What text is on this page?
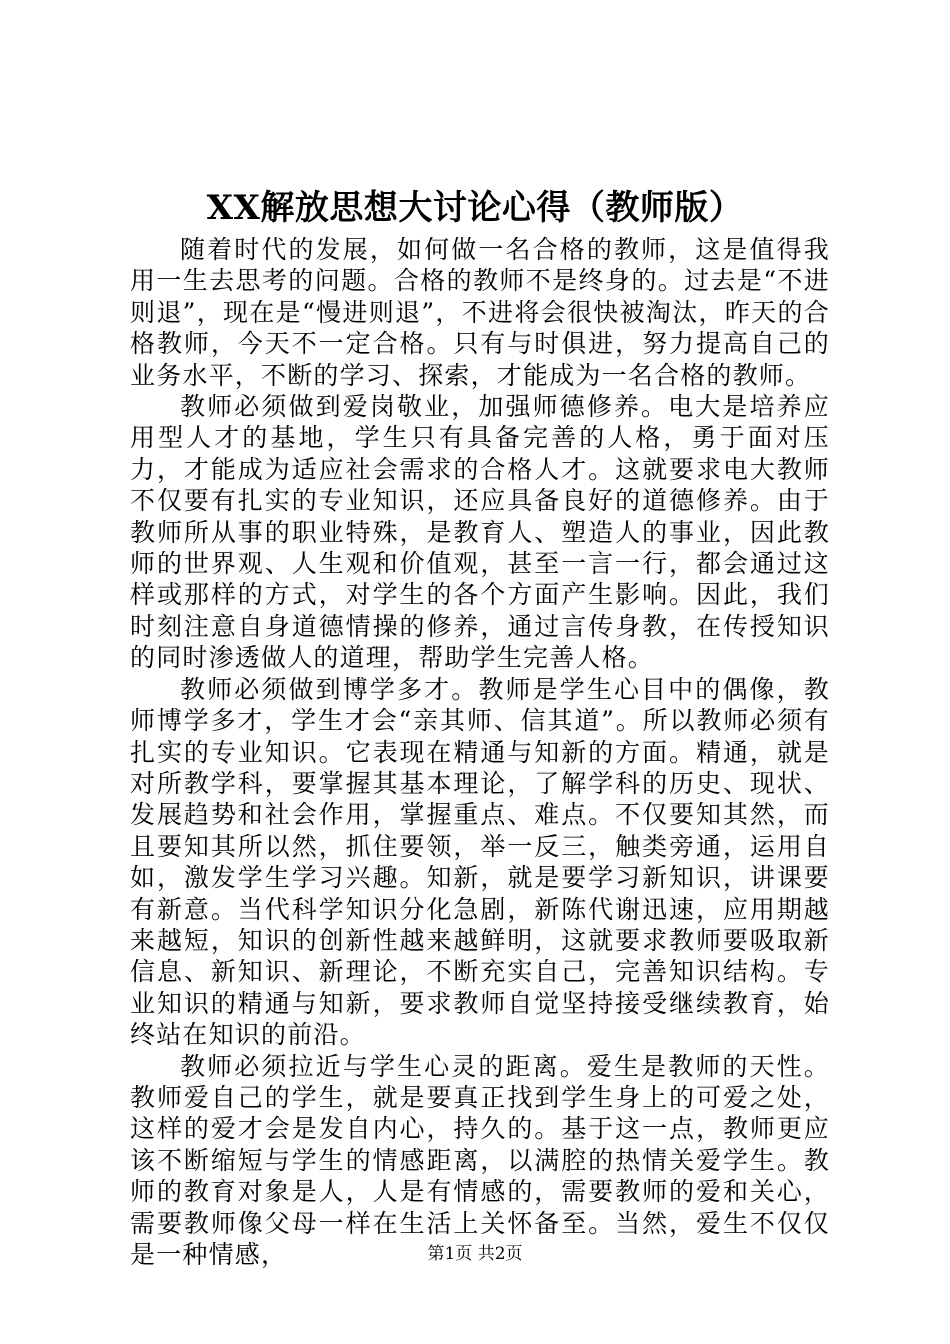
XX解放思想大讨论心得（教师版）

随着时代的发展，如何做一名合格的教师，这是值得我用一生去思考的问题。合格的教师不是终身的。过去是“不进则退”，现在是“慢进则退”，不进将会很快被淘汰，昨天的合格教师，今天不一定合格。只有与时俱进，努力提高自己的业务水平，不断的学习、探索，才能成为一名合格的教师。

教师必须做到爱岗敬业，加强师德修养。电大是培养应用型人才的基地，学生只有具备完善的人格，勇于面对压力，才能成为适应社会需求的合格人才。这就要求电大教师不仅要有扎实的专业知识，还应具备良好的道德修养。由于教师所从事的职业特殊，是教育人、塑造人的事业，因此教师的世界观、人生观和价值观，甚至一言一行，都会通过这样或那样的方式，对学生的各个方面产生影响。因此，我们时刻注意自身道德情操的修养，通过言传身教，在传授知识的同时渗透做人的道理，帮助学生完善人格。

教师必须做到博学多才。教师是学生心目中的偶像，教师博学多才，学生才会“亲其师、信其道”。所以教师必须有扎实的专业知识。它表现在精通与知新的方面。精通，就是对所教学科，要掌握其基本理论，了解学科的历史、现状、发展趋势和社会作用，掌握重点、难点。不仅要知其然，而且要知其所以然，抓住要领，举一反三，触类旁通，运用自如，激发学生学习兴趣。知新，就是要学习新知识，讲课要有新意。当代科学知识分化急剧，新陈代谢迅速，应用期越来越短，知识的创新性越来越鲜明，这就要求教师要吸取新信息、新知识、新理论，不断充实自己，完善知识结构。专业知识的精通与知新，要求教师自觉坚持接受继续教育，始终站在知识的前沿。

教师必须拉近与学生心灵的距离。爱生是教师的天性。教师爱自己的学生，就是要真正找到学生身上的可爱之处，这样的爱才会是发自内心，持久的。基于这一点，教师更应该不断缩短与学生的情感距离，以满腔的热情关爱学生。教师的教育对象是人，人是有情感的，需要教师的爱和关心，需要教师像父母一样在生活上关怀备至。当然，爱生不仅仅是一种情感，	第1页 共2页
